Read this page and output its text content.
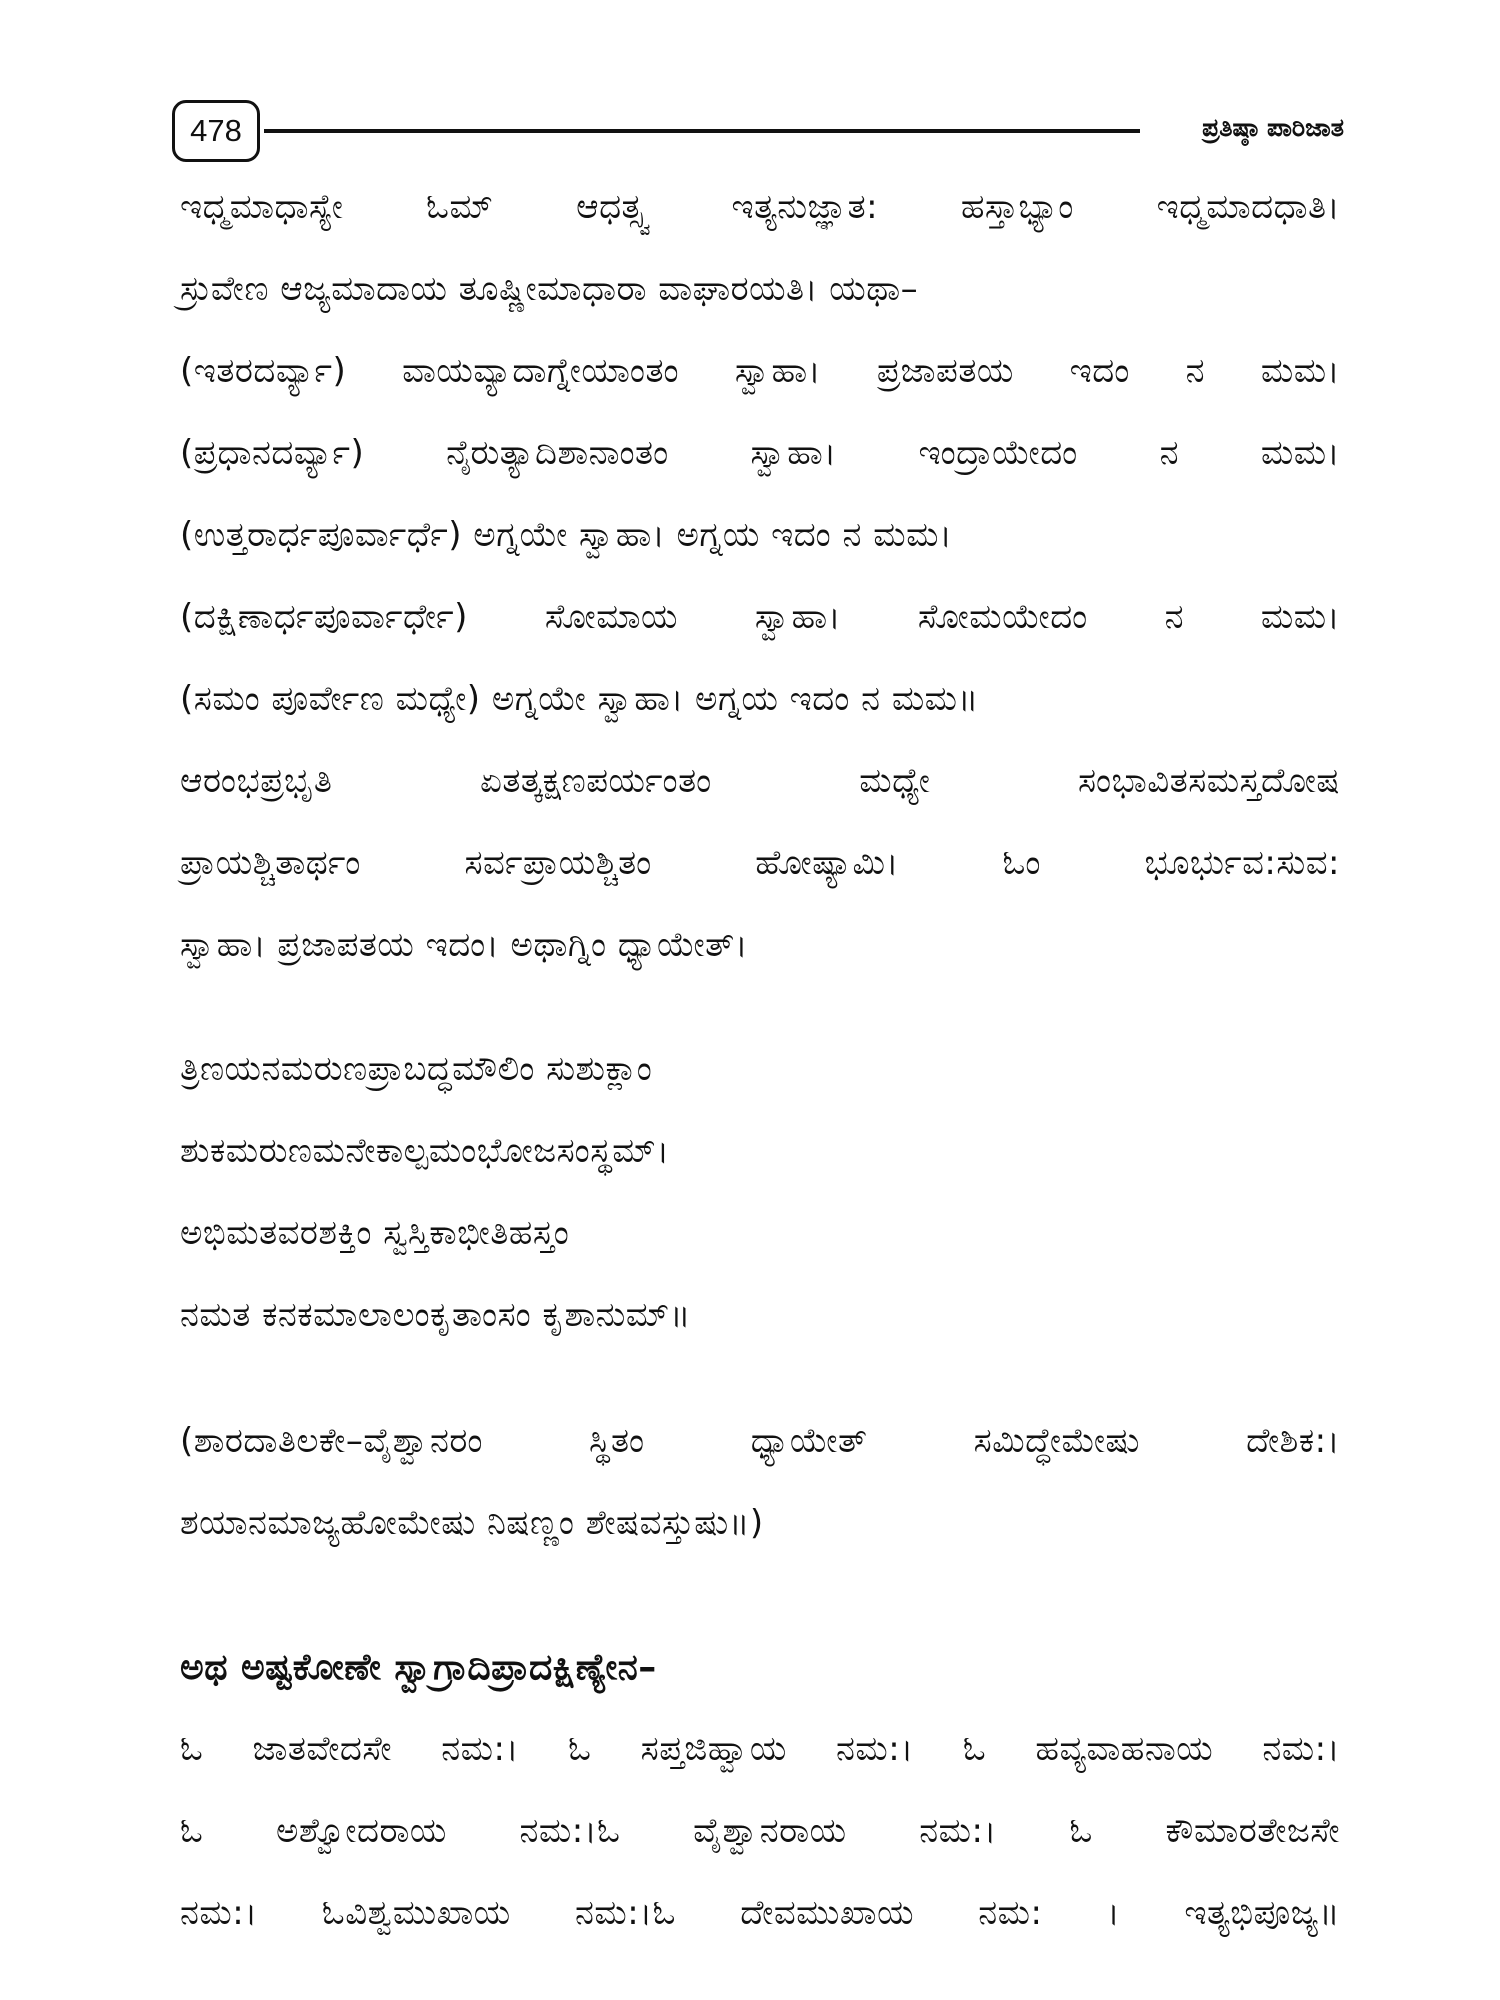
478	ಪ್ರತಿಷ್ಠಾ ಪಾರಿಜಾತ
ಇಧ್ಮಮಾಧಾಸ್ಯೇ ಓಮ್ ಆಧತ್ಸ್ವ ಇತ್ಯನುಜ್ಞಾತ: ಹಸ್ತಾಭ್ಯಾಂ ಇಧ್ಮಮಾದಧಾತಿ।
ಸ್ರುವೇಣ ಆಜ್ಯಮಾದಾಯ ತೂಷ್ಣೀಮಾಧಾರಾ ವಾಘಾರಯತಿ। ಯಥಾ–
(ಇತರದರ್ವ್ಯಾ) ವಾಯವ್ಯಾದಾಗ್ನೇಯಾಂತಂ ಸ್ವಾಹಾ। ಪ್ರಜಾಪತಯ ಇದಂ ನ ಮಮ।
(ಪ್ರಧಾನದರ್ವ್ಯಾ) ನೈರುತ್ಯಾದಿಶಾನಾಂತಂ ಸ್ವಾಹಾ। ಇಂದ್ರಾಯೇದಂ ನ ಮಮ।
(ಉತ್ತರಾರ್ಧಪೂರ್ವಾರ್ಧೆ) ಅಗ್ನಯೇ ಸ್ವಾಹಾ। ಅಗ್ನಯ ಇದಂ ನ ಮಮ।
(ದಕ್ಷಿಣಾರ್ಧಪೂರ್ವಾರ್ಧೇ) ಸೋಮಾಯ ಸ್ವಾಹಾ। ಸೋಮಯೇದಂ ನ ಮಮ।
(ಸಮಂ ಪೂರ್ವೇಣ ಮಧ್ಯೇ) ಅಗ್ನಯೇ ಸ್ವಾಹಾ। ಅಗ್ನಯ ಇದಂ ನ ಮಮ॥
ಆರಂಭಪ್ರಭೃತಿ ಏತತ್ಕಕ್ಷಣಪರ್ಯಂತಂ ಮಧ್ಯೇ ಸಂಭಾವಿತಸಮಸ್ತದೋಷ
ಪ್ರಾಯಶ್ಚಿತಾರ್ಥಂ ಸರ್ವಪ್ರಾಯಶ್ಚಿತಂ ಹೋಷ್ಯಾಮಿ। ಓಂ ಭೂರ್ಭುವ:ಸುವ:
ಸ್ವಾಹಾ। ಪ್ರಜಾಪತಯ ಇದಂ। ಅಥಾಗ್ನಿಂ ಧ್ಯಾಯೇತ್।
ತ್ರಿಣಯನಮರುಣಪ್ರಾಬದ್ಧಮೌಲಿಂ ಸುಶುಕ್ಲಾಂ
ಶುಕಮರುಣಮನೇಕಾಲ್ಪಮಂಭೋಜಸಂಸ್ಥಮ್।
ಅಭಿಮತವರಶಕ್ತಿಂ ಸ್ವಸ್ತಿಕಾಭೀತಿಹಸ್ತಂ
ನಮತ ಕನಕಮಾಲಾಲಂಕೃತಾಂಸಂ ಕೃಶಾನುಮ್॥
(ಶಾರದಾತಿಲಕೇ–ವೈಶ್ವಾನರಂ ಸ್ಥಿತಂ ಧ್ಯಾಯೇತ್ ಸಮಿದ್ಧೇಮೇಷು ದೇಶಿಕ:।
ಶಯಾನಮಾಜ್ಯಹೋಮೇಷು ನಿಷಣ್ಣಂ ಶೇಷವಸ್ತುಷು॥)
ಅಥ ಅಷ್ಟಕೋಣೇ ಸ್ವಾಗ್ರಾದಿಪ್ರಾದಕ್ಷಿಣ್ಯೇನ–
ಓ ಜಾತವೇದಸೇ ನಮ:। ಓ ಸಪ್ತಜಿಹ್ವಾಯ ನಮ:। ಓ ಹವ್ಯವಾಹನಾಯ ನಮ:।
ಓ ಅಶ್ವೋದರಾಯ ನಮ:।ಓ ವೈಶ್ವಾನರಾಯ ನಮ:। ಓ ಕೌಮಾರತೇಜಸೇ
ನಮ:। ಓವಿಶ್ವಮುಖಾಯ ನಮ:।ಓ ದೇವಮುಖಾಯ ನಮ: । ಇತ್ಯಭಿಪೂಜ್ಯ॥
